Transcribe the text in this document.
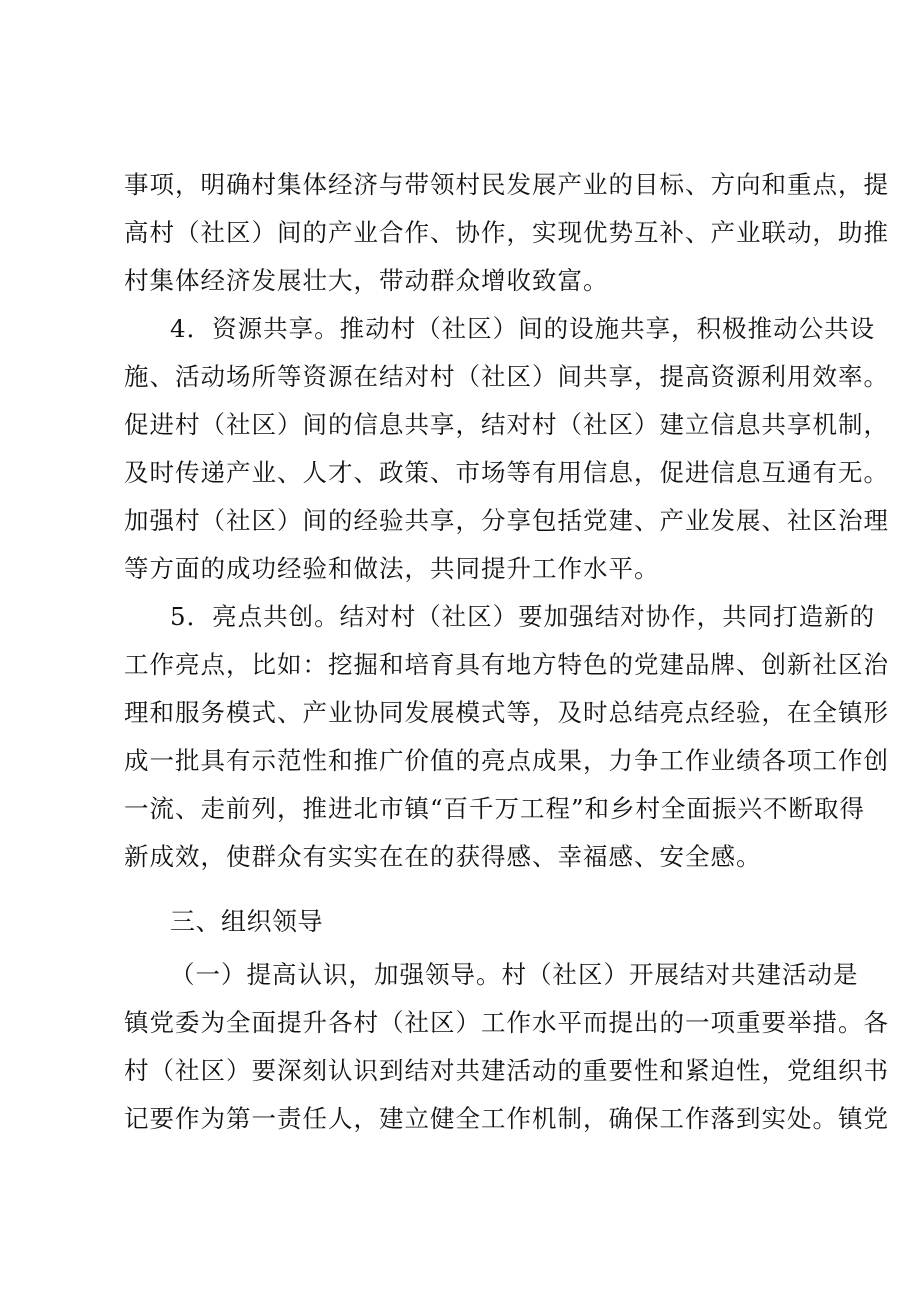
事项，明确村集体经济与带领村民发展产业的目标、方向和重点，提
高村（社区）间的产业合作、协作，实现优势互补、产业联动，助推
村集体经济发展壮大，带动群众增收致富。
4．资源共享。推动村（社区）间的设施共享，积极推动公共设
施、活动场所等资源在结对村（社区）间共享，提高资源利用效率。
促进村（社区）间的信息共享，结对村（社区）建立信息共享机制，
及时传递产业、人才、政策、市场等有用信息，促进信息互通有无。
加强村（社区）间的经验共享，分享包括党建、产业发展、社区治理
等方面的成功经验和做法，共同提升工作水平。
5．亮点共创。结对村（社区）要加强结对协作，共同打造新的
工作亮点，比如：挖掘和培育具有地方特色的党建品牌、创新社区治
理和服务模式、产业协同发展模式等，及时总结亮点经验，在全镇形
成一批具有示范性和推广价值的亮点成果，力争工作业绩各项工作创
一流、走前列，推进北市镇“百千万工程”和乡村全面振兴不断取得
新成效，使群众有实实在在的获得感、幸福感、安全感。
三、组织领导
（一）提高认识，加强领导。村（社区）开展结对共建活动是
镇党委为全面提升各村（社区）工作水平而提出的一项重要举措。各
村（社区）要深刻认识到结对共建活动的重要性和紧迫性，党组织书
记要作为第一责任人，建立健全工作机制，确保工作落到实处。镇党
